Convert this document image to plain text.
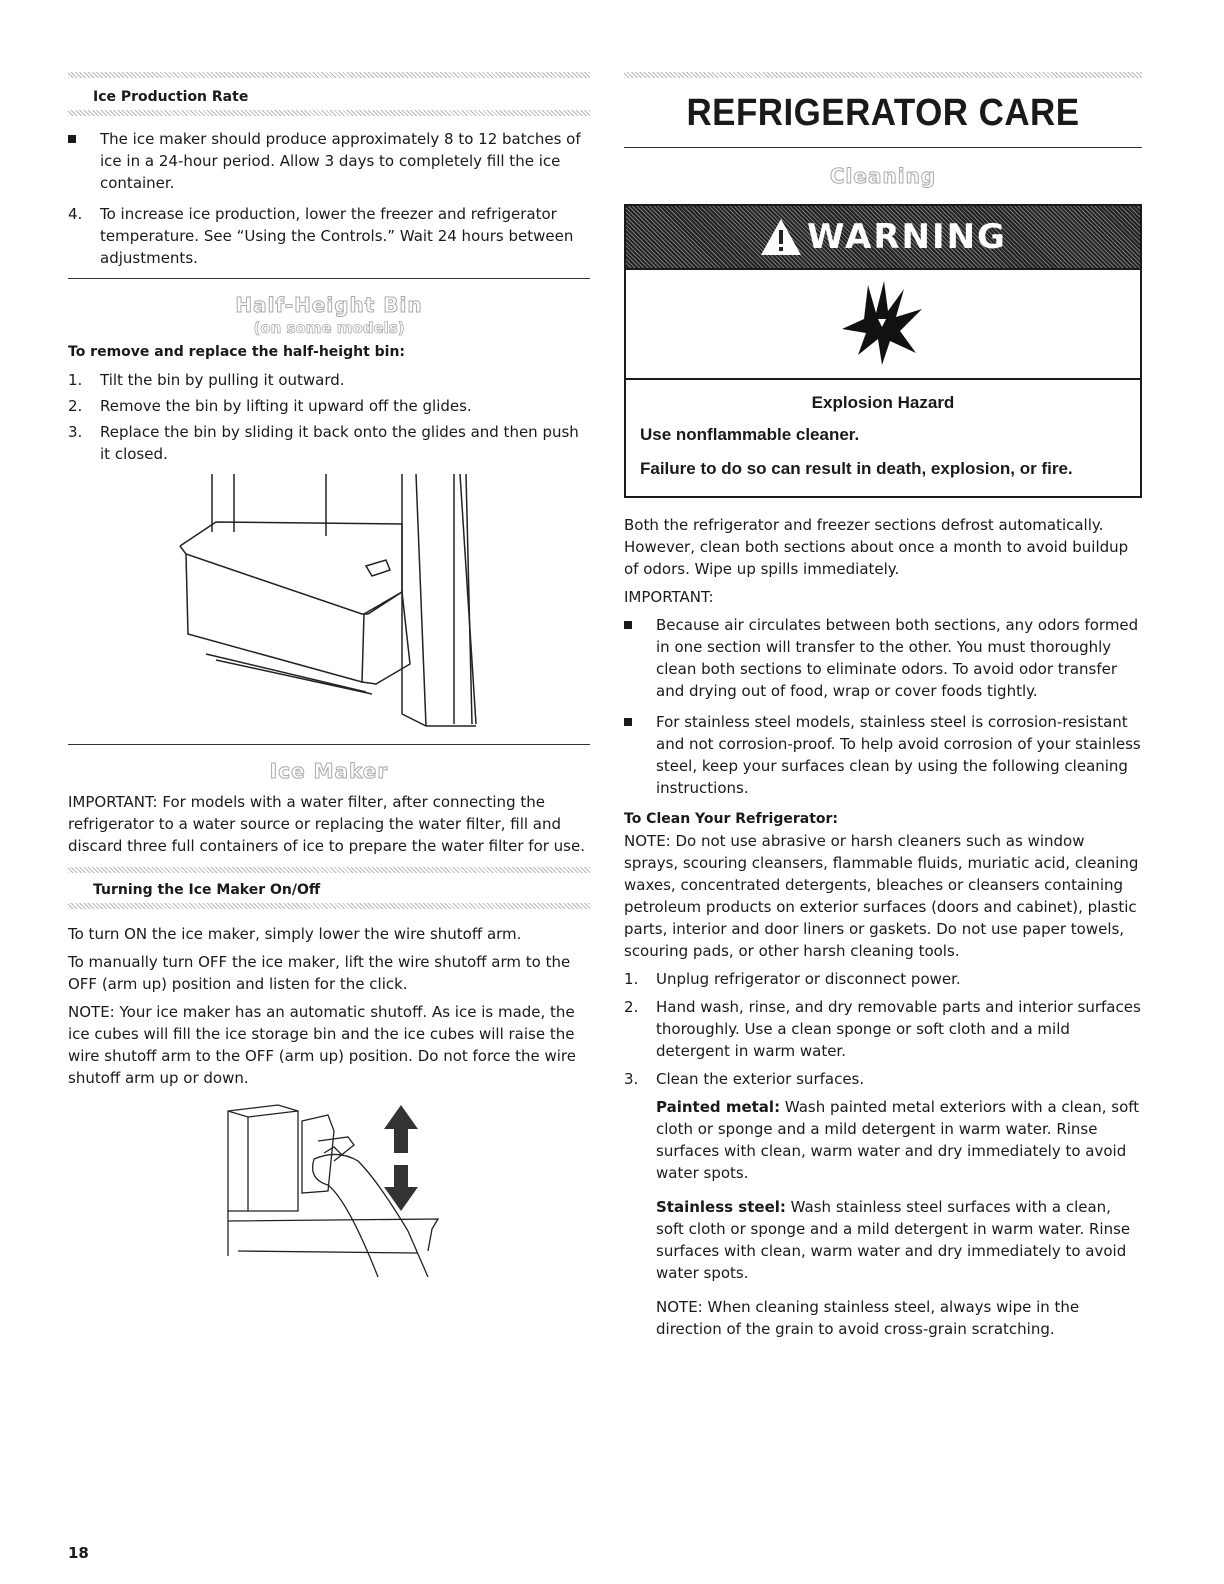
Ice Production Rate
The ice maker should produce approximately 8 to 12 batches of ice in a 24-hour period. Allow 3 days to completely fill the ice container.
4. To increase ice production, lower the freezer and refrigerator temperature. See “Using the Controls.” Wait 24 hours between adjustments.
Half-Height Bin
(on some models)
To remove and replace the half-height bin:
1. Tilt the bin by pulling it outward.
2. Remove the bin by lifting it upward off the glides.
3. Replace the bin by sliding it back onto the glides and then push it closed.
Ice Maker

IMPORTANT: For models with a water filter, after connecting the refrigerator to a water source or replacing the water filter, fill and discard three full containers of ice to prepare the water filter for use.

Turning the Ice Maker On/Off

To turn ON the ice maker, simply lower the wire shutoff arm.

To manually turn OFF the ice maker, lift the wire shutoff arm to the OFF (arm up) position and listen for the click.

NOTE: Your ice maker has an automatic shutoff. As ice is made, the ice cubes will fill the ice storage bin and the ice cubes will raise the wire shutoff arm to the OFF (arm up) position. Do not force the wire shutoff arm up or down.

REFRIGERATOR CARE
Cleaning
WARNING
Explosion Hazard
Use nonflammable cleaner.
Failure to do so can result in death, explosion, or fire.

Both the refrigerator and freezer sections defrost automatically. However, clean both sections about once a month to avoid buildup of odors. Wipe up spills immediately.

IMPORTANT:

Because air circulates between both sections, any odors formed in one section will transfer to the other. You must thoroughly clean both sections to eliminate odors. To avoid odor transfer and drying out of food, wrap or cover foods tightly.
For stainless steel models, stainless steel is corrosion-resistant and not corrosion-proof. To help avoid corrosion of your stainless steel, keep your surfaces clean by using the following cleaning instructions.
To Clean Your Refrigerator:

NOTE: Do not use abrasive or harsh cleaners such as window sprays, scouring cleansers, flammable fluids, muriatic acid, cleaning waxes, concentrated detergents, bleaches or cleansers containing petroleum products on exterior surfaces (doors and cabinet), plastic parts, interior and door liners or gaskets. Do not use paper towels, scouring pads, or other harsh cleaning tools.

1. Unplug refrigerator or disconnect power.
2. Hand wash, rinse, and dry removable parts and interior surfaces thoroughly. Use a clean sponge or soft cloth and a mild detergent in warm water.
3. Clean the exterior surfaces.

Painted metal: Wash painted metal exteriors with a clean, soft cloth or sponge and a mild detergent in warm water. Rinse surfaces with clean, warm water and dry immediately to avoid water spots.

Stainless steel: Wash stainless steel surfaces with a clean, soft cloth or sponge and a mild detergent in warm water. Rinse surfaces with clean, warm water and dry immediately to avoid water spots.

NOTE: When cleaning stainless steel, always wipe in the direction of the grain to avoid cross-grain scratching.

18
